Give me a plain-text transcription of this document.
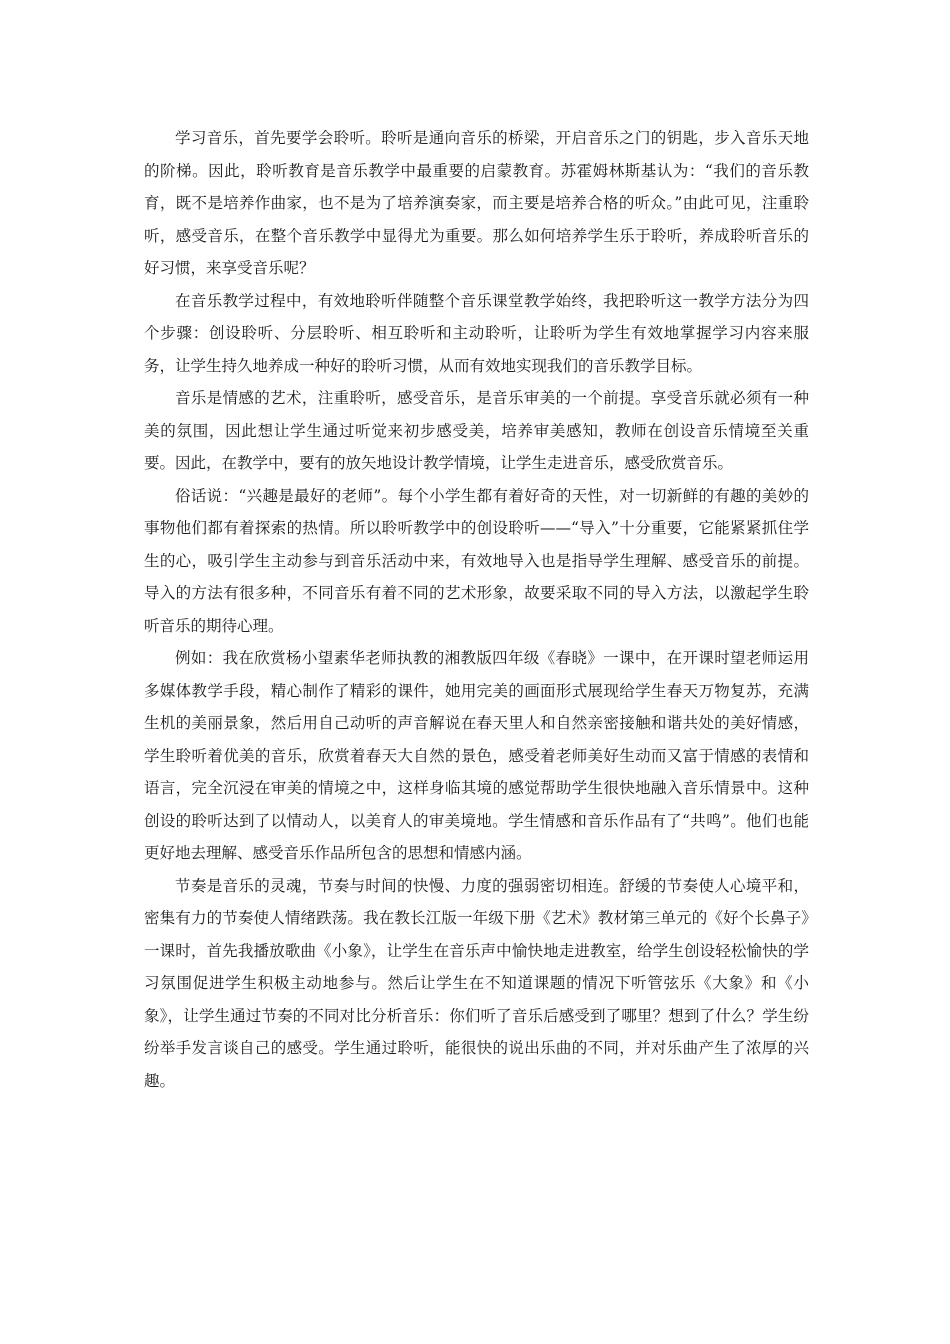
学习音乐，首先要学会聆听。聆听是通向音乐的桥梁，开启音乐之门的钥匙，步入音乐天地的阶梯。因此，聆听教育是音乐教学中最重要的启蒙教育。苏霍姆林斯基认为：“我们的音乐教育，既不是培养作曲家，也不是为了培养演奏家，而主要是培养合格的听众。”由此可见，注重聆听，感受音乐，在整个音乐教学中显得尤为重要。那么如何培养学生乐于聆听，养成聆听音乐的好习惯，来享受音乐呢？

在音乐教学过程中，有效地聆听伴随整个音乐课堂教学始终，我把聆听这一教学方法分为四个步骤：创设聆听、分层聆听、相互聆听和主动聆听，让聆听为学生有效地掌握学习内容来服务，让学生持久地养成一种好的聆听习惯，从而有效地实现我们的音乐教学目标。

音乐是情感的艺术，注重聆听，感受音乐，是音乐审美的一个前提。享受音乐就必须有一种美的氛围，因此想让学生通过听觉来初步感受美，培养审美感知，教师在创设音乐情境至关重要。因此，在教学中，要有的放矢地设计教学情境，让学生走进音乐，感受欣赏音乐。

俗话说：“兴趣是最好的老师”。每个小学生都有着好奇的天性，对一切新鲜的有趣的美妙的事物他们都有着探索的热情。所以聆听教学中的创设聆听——“导入”十分重要，它能紧紧抓住学生的心，吸引学生主动参与到音乐活动中来，有效地导入也是指导学生理解、感受音乐的前提。导入的方法有很多种，不同音乐有着不同的艺术形象，故要采取不同的导入方法，以激起学生聆听音乐的期待心理。

例如：我在欣赏杨小望素华老师执教的湘教版四年级《春晓》一课中，在开课时望老师运用多媒体教学手段，精心制作了精彩的课件，她用完美的画面形式展现给学生春天万物复苏，充满生机的美丽景象，然后用自己动听的声音解说在春天里人和自然亲密接触和谐共处的美好情感，学生聆听着优美的音乐，欣赏着春天大自然的景色，感受着老师美好生动而又富于情感的表情和语言，完全沉浸在审美的情境之中，这样身临其境的感觉帮助学生很快地融入音乐情景中。这种创设的聆听达到了以情动人，以美育人的审美境地。学生情感和音乐作品有了“共鸣”。他们也能更好地去理解、感受音乐作品所包含的思想和情感内涵。

节奏是音乐的灵魂，节奏与时间的快慢、力度的强弱密切相连。舒缓的节奏使人心境平和，密集有力的节奏使人情绪跌荡。我在教长江版一年级下册《艺术》教材第三单元的《好个长鼻子》一课时，首先我播放歌曲《小象》，让学生在音乐声中愉快地走进教室，给学生创设轻松愉快的学习氛围促进学生积极主动地参与。然后让学生在不知道课题的情况下听管弦乐《大象》和《小象》，让学生通过节奏的不同对比分析音乐：你们听了音乐后感受到了哪里？想到了什么？学生纷纷举手发言谈自己的感受。学生通过聆听，能很快的说出乐曲的不同，并对乐曲产生了浓厚的兴趣。
